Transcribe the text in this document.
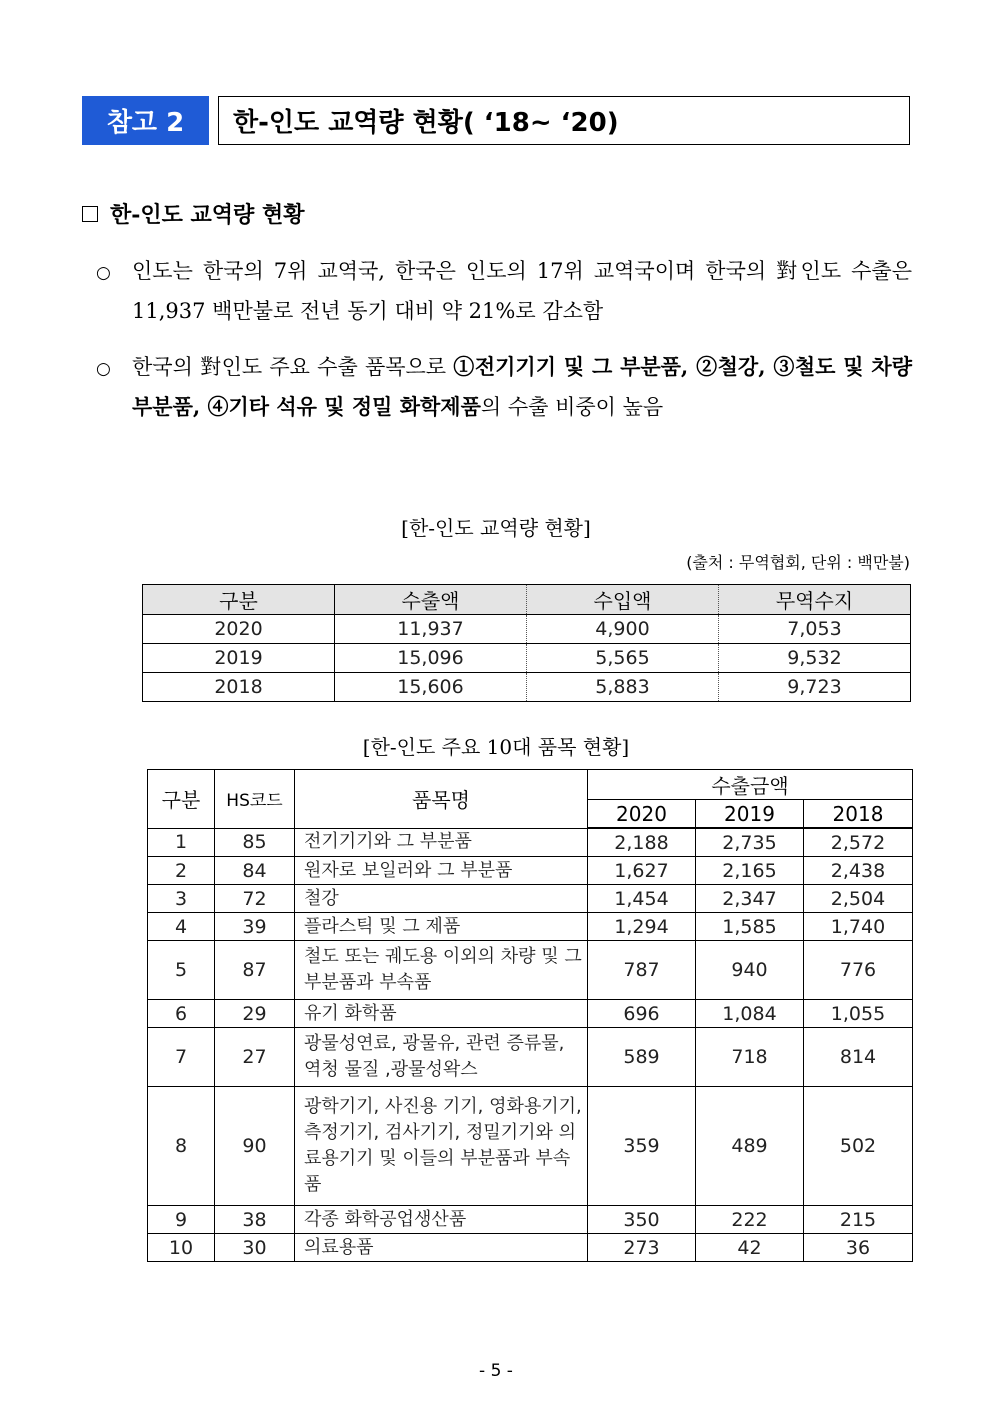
참고 2	한-인도 교역량 현황( ‘18~ ‘20)
한-인도 교역량 현황
○ 인도는 한국의 7위 교역국, 한국은 인도의 17위 교역국이며 한국의 對인도 수출은 11,937 백만불로 전년 동기 대비 약 21%로 감소함
○ 한국의 對인도 주요 수출 품목으로 ①전기기기 및 그 부분품, ②철강, ③철도 및 차량 부분품, ④기타 석유 및 정밀 화학제품의 수출 비중이 높음
[한-인도 교역량 현황]
(출처 : 무역협회, 단위 : 백만불)
구분	수출액	수입액	무역수지
2020	11,937	4,900	7,053
2019	15,096	5,565	9,532
2018	15,606	5,883	9,723
[한-인도 주요 10대 품목 현황]
구분	HS코드	품목명	수출금액		
			2020	2019	2018
1	85	전기기기와 그 부분품	2,188	2,735	2,572
2	84	원자로 보일러와 그 부분품	1,627	2,165	2,438
3	72	철강	1,454	2,347	2,504
4	39	플라스틱 및 그 제품	1,294	1,585	1,740
5	87	철도 또는 궤도용 이외의 차량 및 그 부분품과 부속품	787	940	776
6	29	유기 화학품	696	1,084	1,055
7	27	광물성연료, 광물유, 관련 증류물, 역청 물질 ,광물성왁스	589	718	814
8	90	광학기기, 사진용 기기, 영화용기기, 측정기기, 검사기기, 정밀기기와 의료용기기 및 이들의 부분품과 부속품	359	489	502
9	38	각종 화학공업생산품	350	222	215
10	30	의료용품	273	42	36
- 5 -
